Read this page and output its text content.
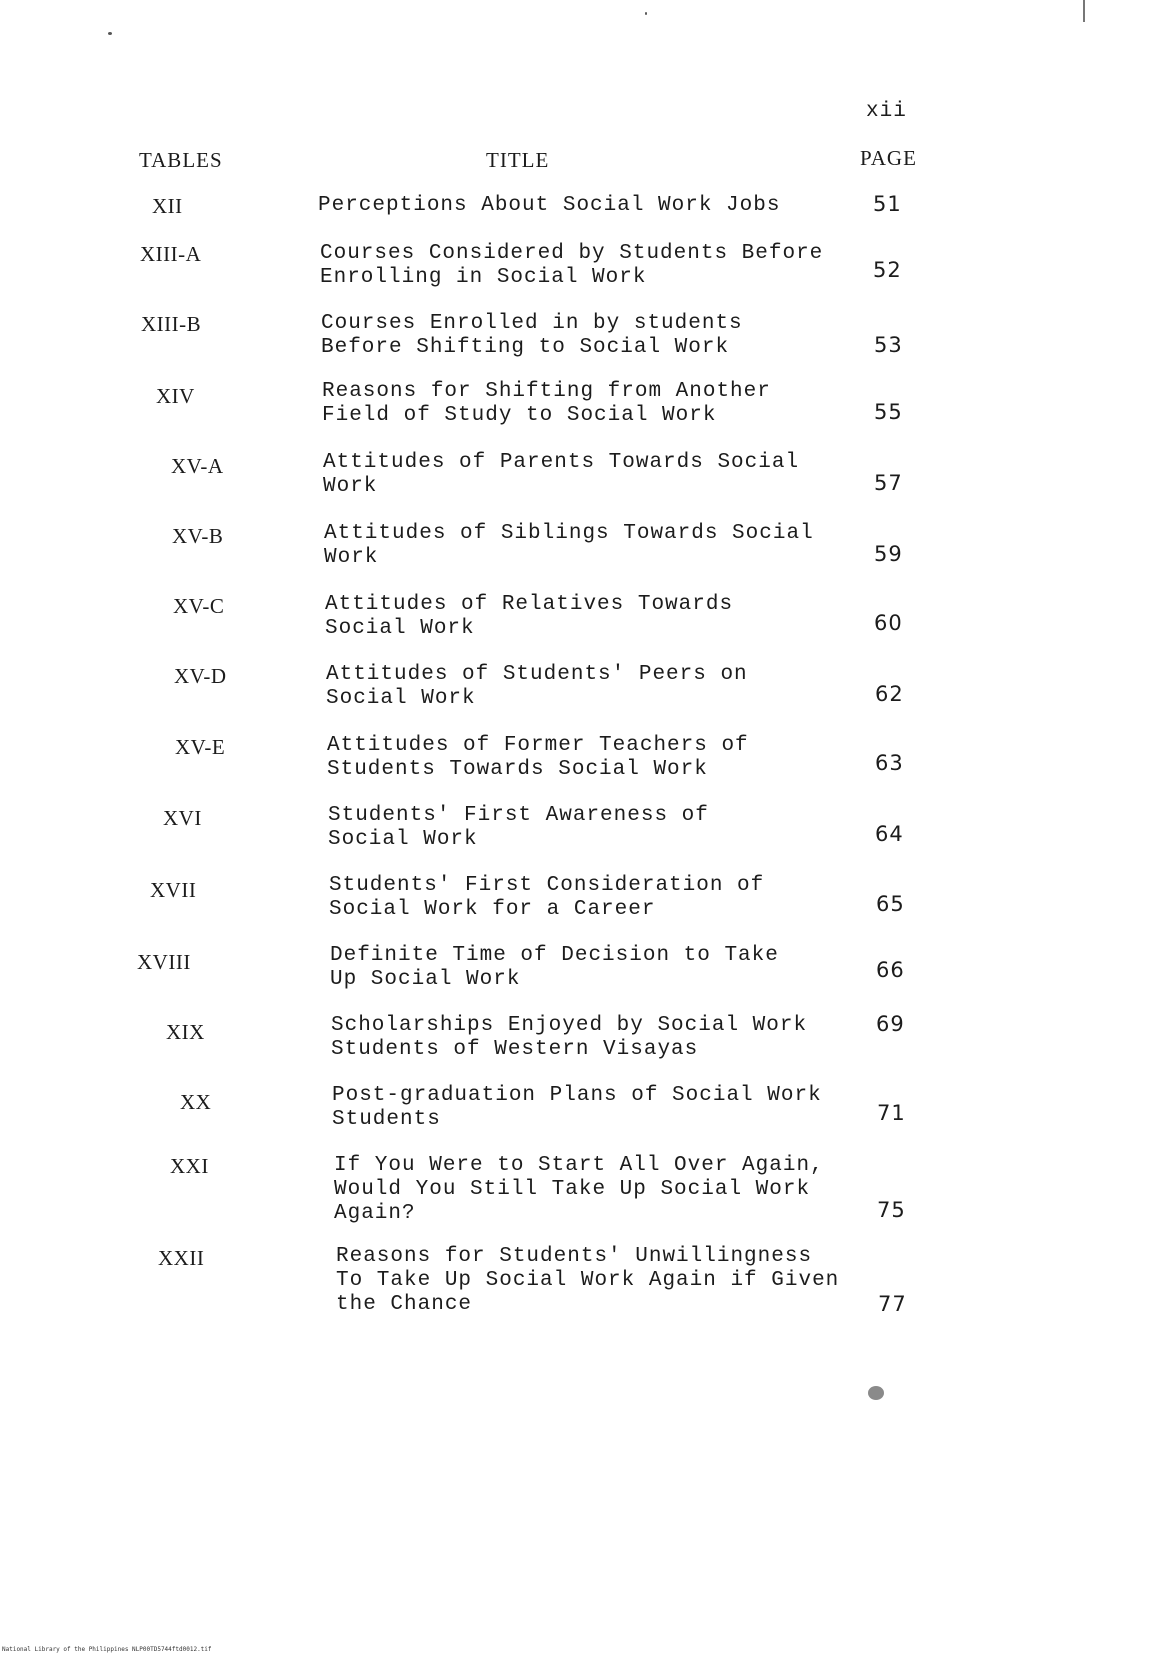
xii
TABLES	TITLE	PAGE
XII	Perceptions About Social Work Jobs	51
XIII-A	Courses Considered by Students Before
Enrolling in Social Work	52
XIII-B	Courses Enrolled in by students
Before Shifting to Social Work	53
XIV	Reasons for Shifting from Another
Field of Study to Social Work	55
XV-A	Attitudes of Parents Towards Social
Work	57
XV-B	Attitudes of Siblings Towards Social
Work	59
XV-C	Attitudes of Relatives Towards
Social Work	60
XV-D	Attitudes of Students' Peers on
Social Work	62
XV-E	Attitudes of Former Teachers of
Students Towards Social Work	63
XVI	Students' First Awareness of
Social Work	64
XVII	Students' First Consideration of
Social Work for a Career	65
XVIII	Definite Time of Decision to Take
Up Social Work	66
XIX	Scholarships Enjoyed by Social Work
Students of Western Visayas
69
XX	Post-graduation Plans of Social Work
Students	71
XXI	If You Were to Start All Over Again,
Would You Still Take Up Social Work
Again?	75
XXII	Reasons for Students' Unwillingness
To Take Up Social Work Again if Given
the Chance	77
National Library of the Philippines NLP00TD5744ftd0012.tif
